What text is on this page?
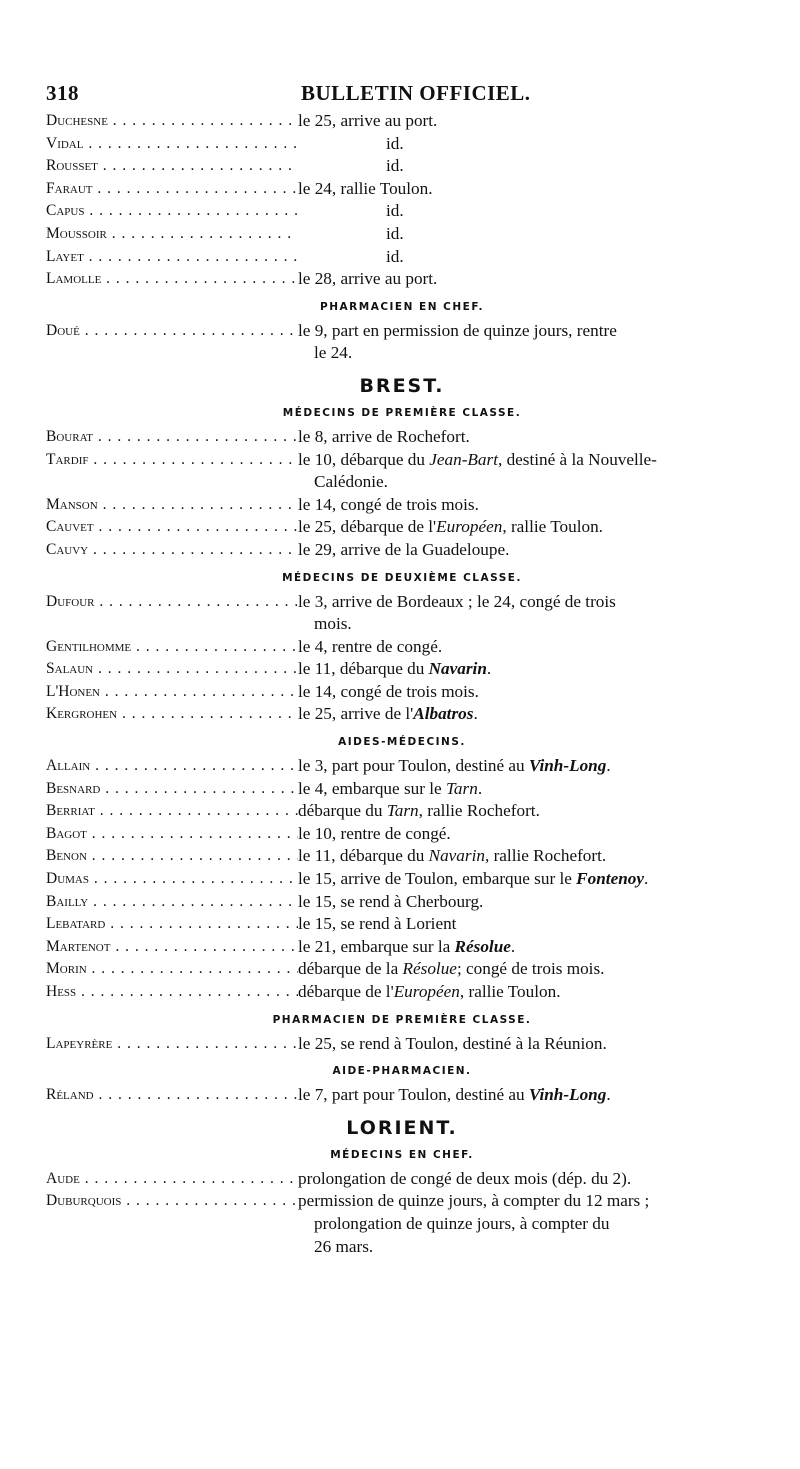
318	BULLETIN OFFICIEL.
Duchesne . . .	le 25, arrive au port.
Vidal . . .	id.
Rousset . . .	id.
Faraut . . .	le 24, rallie Toulon.
Capus . . .	id.
Moussoir . . .	id.
Layet . . .	id.
Lamolle . . .	le 28, arrive au port.
PHARMACIEN EN CHEF.
Doué . . .	le 9, part en permission de quinze jours, rentre
le 24.
BREST.
MÉDECINS DE PREMIÈRE CLASSE.
Bourat . . .	le 8, arrive de Rochefort.
Tardif . . .	le 10, débarque du Jean-Bart, destiné à la Nouvelle-
Calédonie.
Manson . . .	le 14, congé de trois mois.
Cauvet . . .	le 25, débarque de l'Européen, rallie Toulon.
Cauvy . . .	le 29, arrive de la Guadeloupe.
MÉDECINS DE DEUXIÈME CLASSE.
Dufour . . .	le 3, arrive de Bordeaux ; le 24, congé de trois
mois.
Gentilhomme . . .	le 4, rentre de congé.
Salaun . . .	le 11, débarque du Navarin.
L'Honen . . .	le 14, congé de trois mois.
Kergrohen . . .	le 25, arrive de l'Albatros.
AIDES-MÉDECINS.
Allain . . .	le 3, part pour Toulon, destiné au Vinh-Long.
Besnard . . .	le 4, embarque sur le Tarn.
Berriat . . .	débarque du Tarn, rallie Rochefort.
Bagot . . .	le 10, rentre de congé.
Benon . . .	le 11, débarque du Navarin, rallie Rochefort.
Dumas . . .	le 15, arrive de Toulon, embarque sur le Fontenoy.
Bailly . . .	le 15, se rend à Cherbourg.
Lebatard . . .	le 15, se rend à Lorient
Martenot . . .	le 21, embarque sur la Résolue.
Morin . . .	débarque de la Résolue; congé de trois mois.
Hess . . .	débarque de l'Européen, rallie Toulon.
PHARMACIEN DE PREMIÈRE CLASSE.
Lapeyrère . . .	le 25, se rend à Toulon, destiné à la Réunion.
AIDE-PHARMACIEN.
Réland . . .	le 7, part pour Toulon, destiné au Vinh-Long.
LORIENT.
MÉDECINS EN CHEF.
Aude . . .	prolongation de congé de deux mois (dép. du 2).
Duburquois . . .	permission de quinze jours, à compter du 12 mars ;
prolongation de quinze jours, à compter du
26 mars.
